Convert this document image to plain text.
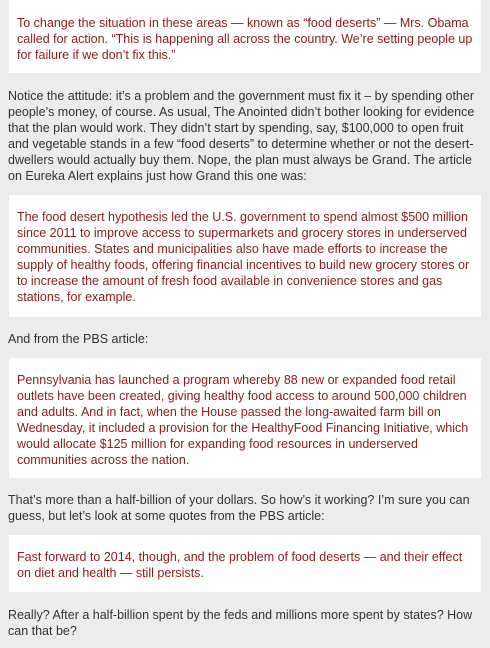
To change the situation in these areas — known as “food deserts” — Mrs. Obama called for action. “This is happening all across the country. We’re setting people up for failure if we don’t fix this.”
Notice the attitude: it’s a problem and the government must fix it – by spending other people’s money, of course. As usual, The Anointed didn’t bother looking for evidence that the plan would work. They didn’t start by spending, say, $100,000 to open fruit and vegetable stands in a few “food deserts” to determine whether or not the desert-dwellers would actually buy them. Nope, the plan must always be Grand. The article on Eureka Alert explains just how Grand this one was:
The food desert hypothesis led the U.S. government to spend almost $500 million since 2011 to improve access to supermarkets and grocery stores in underserved communities. States and municipalities also have made efforts to increase the supply of healthy foods, offering financial incentives to build new grocery stores or to increase the amount of fresh food available in convenience stores and gas stations, for example.
And from the PBS article:
Pennsylvania has launched a program whereby 88 new or expanded food retail outlets have been created, giving healthy food access to around 500,000 children and adults. And in fact, when the House passed the long-awaited farm bill on Wednesday, it included a provision for the HealthyFood Financing Initiative, which would allocate $125 million for expanding food resources in underserved communities across the nation.
That’s more than a half-billion of your dollars. So how’s it working? I’m sure you can guess, but let’s look at some quotes from the PBS article:
Fast forward to 2014, though, and the problem of food deserts — and their effect on diet and health — still persists.
Really? After a half-billion spent by the feds and millions more spent by states? How can that be?
